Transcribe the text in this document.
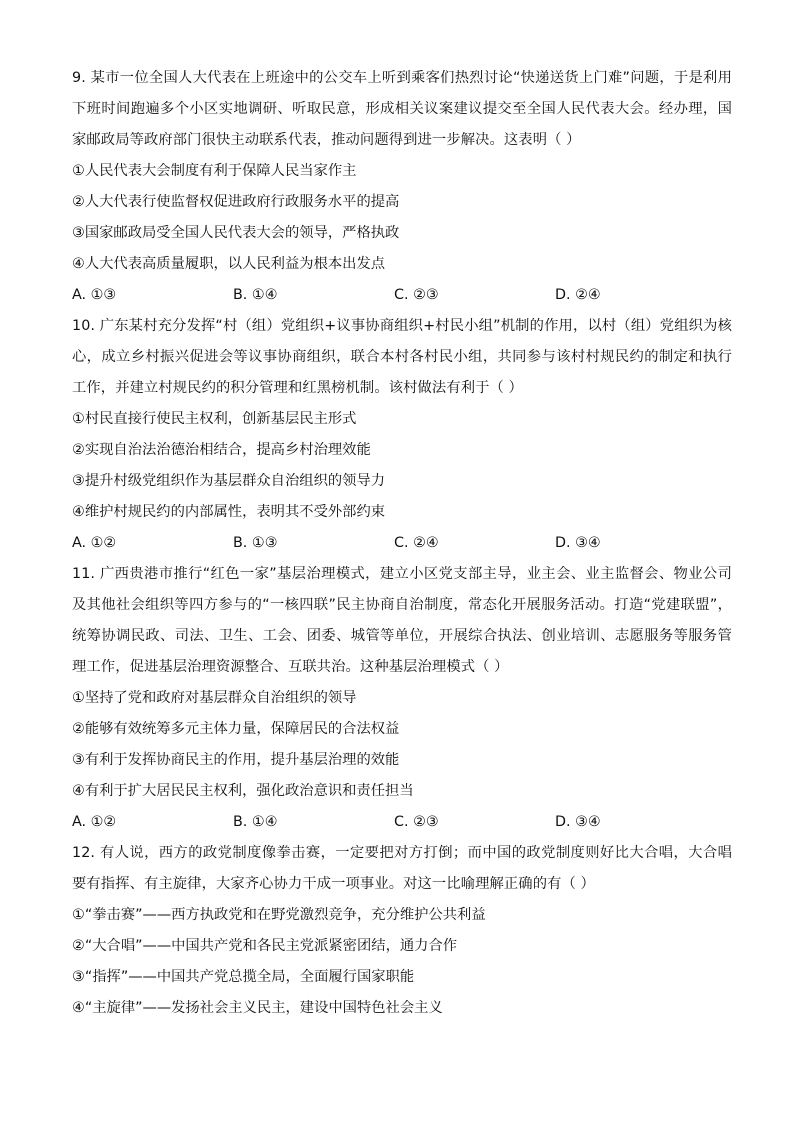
9. 某市一位全国人大代表在上班途中的公交车上听到乘客们热烈讨论“快递送货上门难”问题，于是利用下班时间跑遍多个小区实地调研、听取民意，形成相关议案建议提交至全国人民代表大会。经办理，国家邮政局等政府部门很快主动联系代表，推动问题得到进一步解决。这表明（ ）

①人民代表大会制度有利于保障人民当家作主

②人大代表行使监督权促进政府行政服务水平的提高

③国家邮政局受全国人民代表大会的领导，严格执政

④人大代表高质量履职，以人民利益为根本出发点

A. ①③	B. ①④	C. ②③	D. ②④

10. 广东某村充分发挥“村（组）党组织+议事协商组织+村民小组”机制的作用，以村（组）党组织为核心，成立乡村振兴促进会等议事协商组织，联合本村各村民小组，共同参与该村村规民约的制定和执行工作，并建立村规民约的积分管理和红黑榜机制。该村做法有利于（ ）

①村民直接行使民主权利，创新基层民主形式

②实现自治法治德治相结合，提高乡村治理效能

③提升村级党组织作为基层群众自治组织的领导力

④维护村规民约的内部属性，表明其不受外部约束

A. ①②	B. ①③	C. ②④	D. ③④

11. 广西贵港市推行“红色一家”基层治理模式，建立小区党支部主导，业主会、业主监督会、物业公司及其他社会组织等四方参与的“一核四联”民主协商自治制度，常态化开展服务活动。打造“党建联盟”，统筹协调民政、司法、卫生、工会、团委、城管等单位，开展综合执法、创业培训、志愿服务等服务管理工作，促进基层治理资源整合、互联共治。这种基层治理模式（ ）

①坚持了党和政府对基层群众自治组织的领导

②能够有效统筹多元主体力量，保障居民的合法权益

③有利于发挥协商民主的作用，提升基层治理的效能

④有利于扩大居民民主权利，强化政治意识和责任担当

A. ①②	B. ①④	C. ②③	D. ③④

12. 有人说，西方的政党制度像拳击赛，一定要把对方打倒；而中国的政党制度则好比大合唱，大合唱要有指挥、有主旋律，大家齐心协力干成一项事业。对这一比喻理解正确的有（ ）

①“拳击赛”——西方执政党和在野党激烈竞争，充分维护公共利益

②“大合唱”——中国共产党和各民主党派紧密团结，通力合作

③“指挥”——中国共产党总揽全局，全面履行国家职能

④“主旋律”——发扬社会主义民主，建设中国特色社会主义
